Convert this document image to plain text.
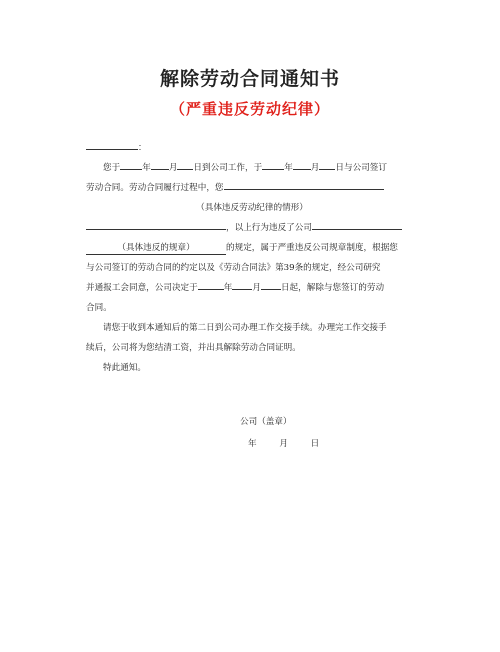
解除劳动合同通知书
（严重违反劳动纪律）
：
您于	年 月 日到公司工作，于	年 月 日与公司签订
劳动合同。劳动合同履行过程中，您
（具体违反劳动纪律的情形）
，以上行为违反了公司
（具体违反的规章）	的规定，属于严重违反公司规章制度，根据您
与公司签订的劳动合同的约定以及《劳动合同法》第39条的规定，经公司研究
并通报工会同意，公司决定于	年 月 日起，解除与您签订的劳动
合同。
请您于收到本通知后的第二日到公司办理工作交接手续。办理完工作交接手
续后，公司将为您结清工资，并出具解除劳动合同证明。
特此通知。
公司（盖章）
年 月 日
